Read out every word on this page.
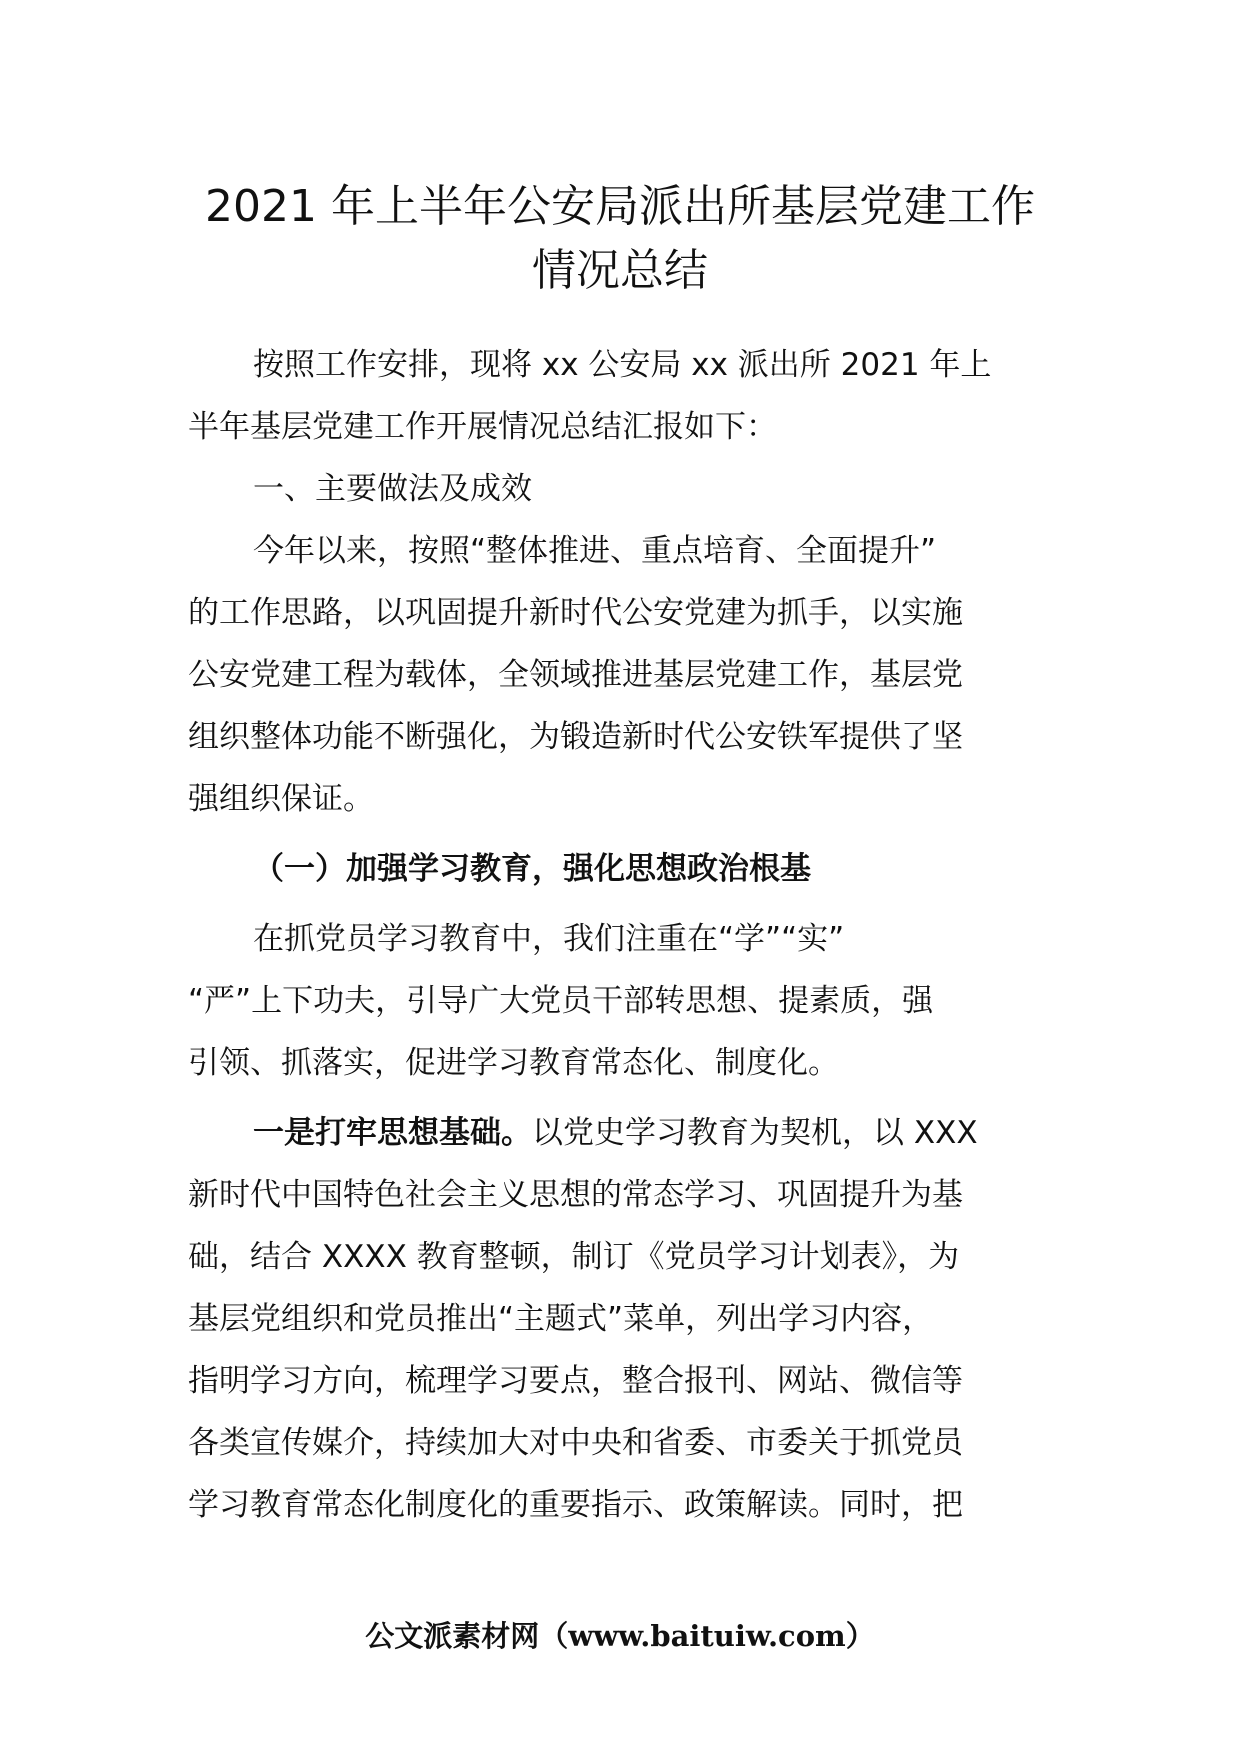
2021 年上半年公安局派出所基层党建工作
情况总结

按照工作安排，现将 xx 公安局 xx 派出所 2021 年上

半年基层党建工作开展情况总结汇报如下：

一、主要做法及成效

今年以来，按照“整体推进、重点培育、全面提升”

的工作思路，以巩固提升新时代公安党建为抓手，以实施

公安党建工程为载体，全领域推进基层党建工作，基层党

组织整体功能不断强化，为锻造新时代公安铁军提供了坚

强组织保证。

（一）加强学习教育，强化思想政治根基

在抓党员学习教育中，我们注重在“学”“实”

“严”上下功夫，引导广大党员干部转思想、提素质，强

引领、抓落实，促进学习教育常态化、制度化。

一是打牢思想基础。以党史学习教育为契机，以 XXX

新时代中国特色社会主义思想的常态学习、巩固提升为基

础，结合 XXXX 教育整顿，制订《党员学习计划表》，为

基层党组织和党员推出“主题式”菜单，列出学习内容，

指明学习方向，梳理学习要点，整合报刊、网站、微信等

各类宣传媒介，持续加大对中央和省委、市委关于抓党员

学习教育常态化制度化的重要指示、政策解读。同时，把

公文派素材网（www.baituiw.com）
